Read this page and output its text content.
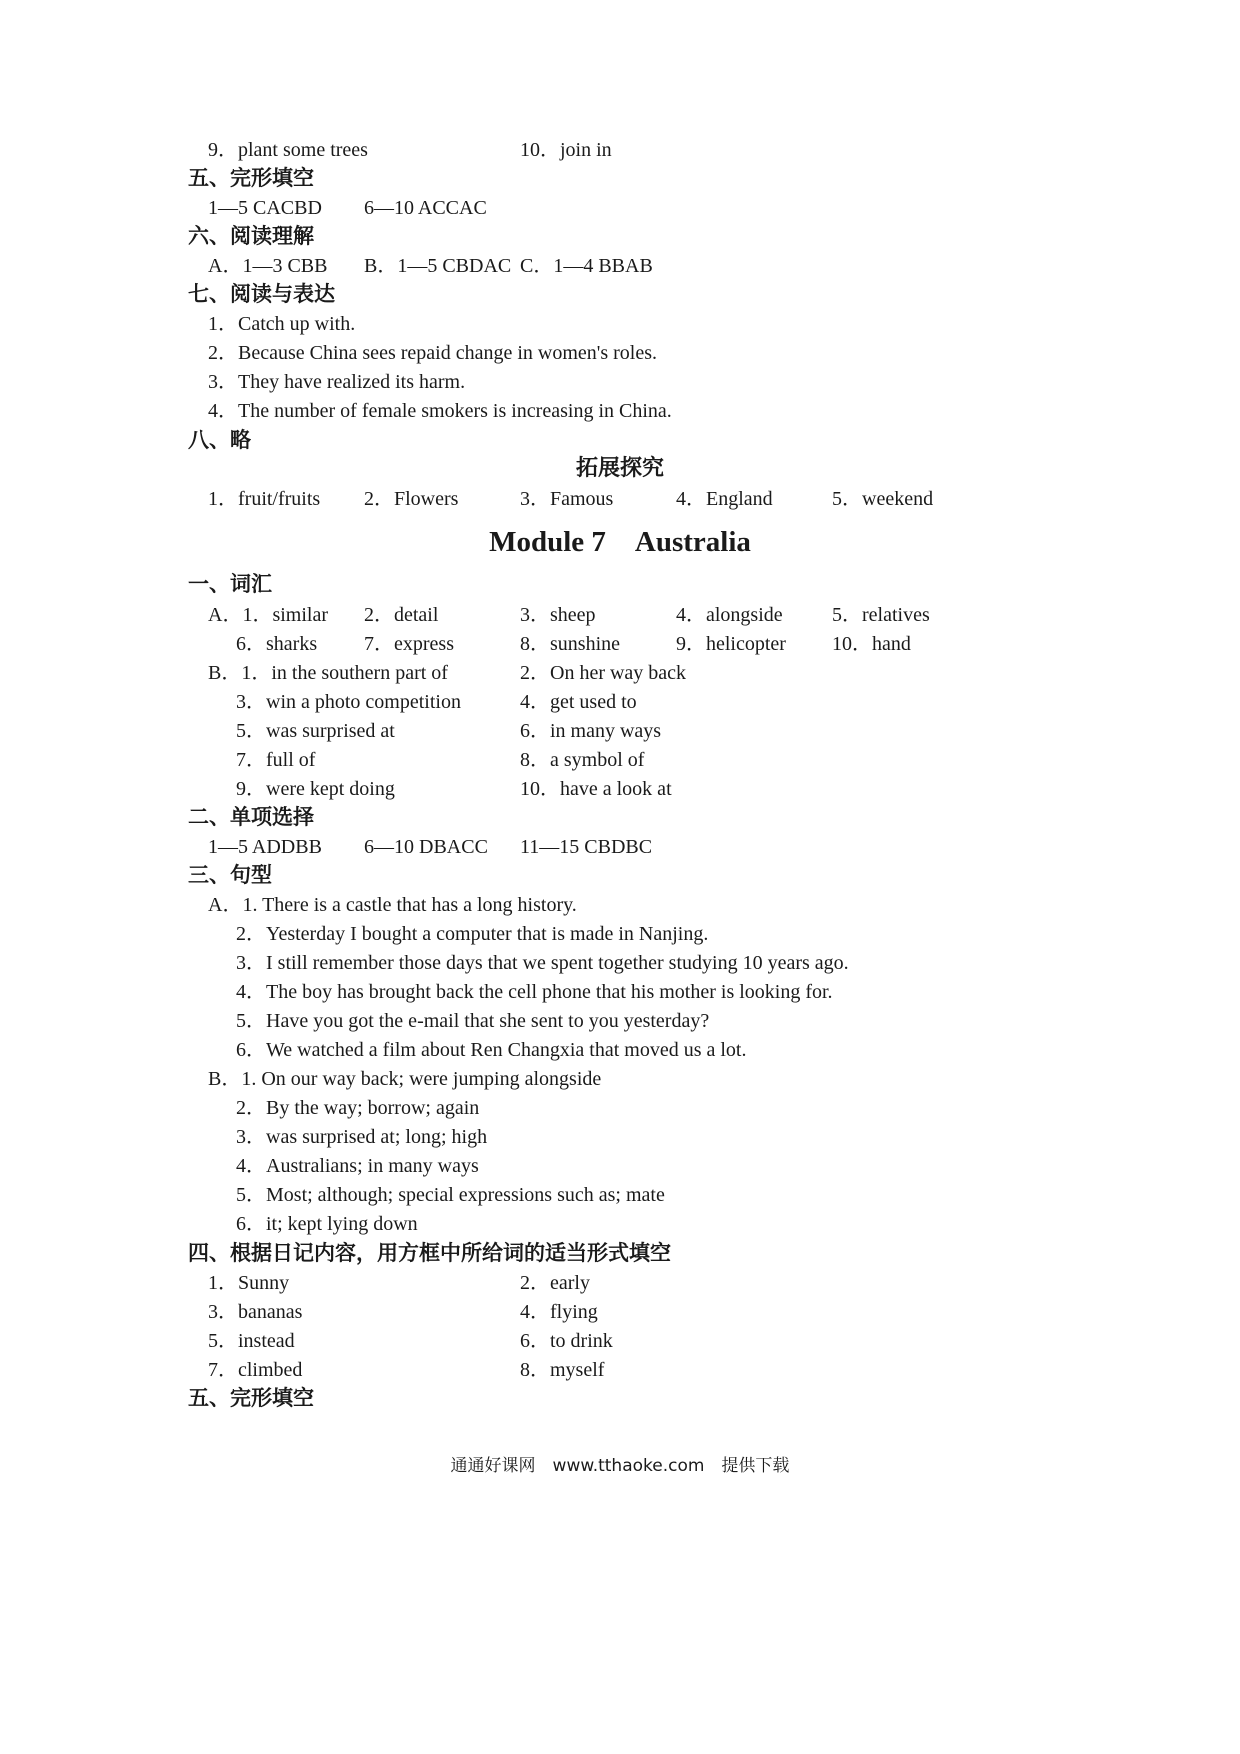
9．plant some trees	10．join in
五、完形填空
1—5 CACBD 6—10 ACCAC
六、阅读理解
A．1—3 CBB B．1—5 CBDAC C．1—4 BBAB
七、阅读与表达
1．Catch up with.
2．Because China sees repaid change in women's roles.
3．They have realized its harm.
4．The number of female smokers is increasing in China.
八、略
拓展探究
1．fruit/fruits 2．Flowers	3．Famous	4．England	5．weekend
Module 7　Australia
一、词汇
A．1．similar 2．detail	3．sheep	4．alongside 5．relatives
6．sharks 7．express	8．sunshine	9．helicopter 10．hand
B．1．in the southern part of	2．On her way back
3．win a photo competition	4．get used to
5．was surprised at	6．in many ways
7．full of	8．a symbol of
9．were kept doing	10．have a look at
二、单项选择
1—5 ADDBB 6—10 DBACC 11—15 CBDBC
三、句型
A．1. There is a castle that has a long history.
2．Yesterday I bought a computer that is made in Nanjing.
3．I still remember those days that we spent together studying 10 years ago.
4．The boy has brought back the cell phone that his mother is looking for.
5．Have you got the e-mail that she sent to you yesterday?
6．We watched a film about Ren Changxia that moved us a lot.
B．1. On our way back; were jumping alongside
2．By the way; borrow; again
3．was surprised at; long; high
4．Australians; in many ways
5．Most; although; special expressions such as; mate
6．it; kept lying down
四、根据日记内容，用方框中所给词的适当形式填空
1．Sunny	2．early
3．bananas	4．flying
5．instead	6．to drink
7．climbed	8．myself
五、完形填空
通通好课网　www.tthaoke.com　提供下载
